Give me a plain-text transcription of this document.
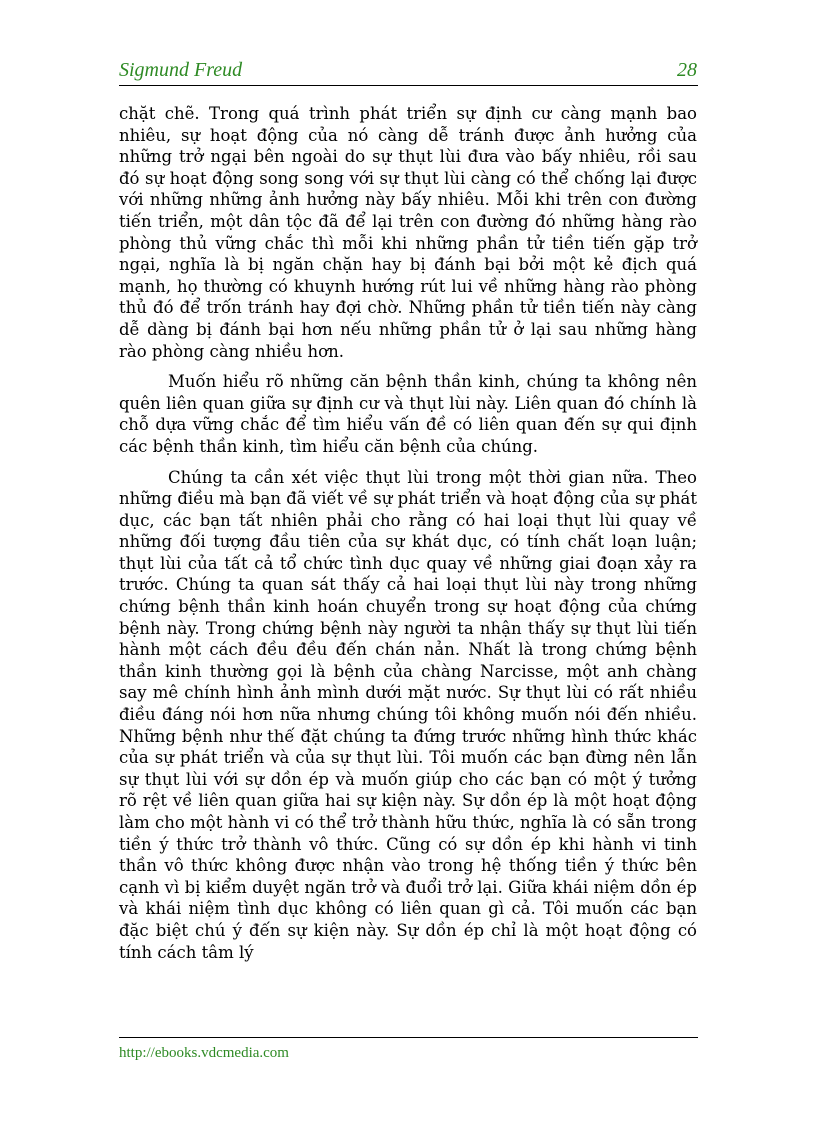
Sigmund Freud	28

chặt chẽ. Trong quá trình phát triển sự định cư càng mạnh bao nhiêu, sự hoạt động của nó càng dễ tránh được ảnh hưởng của những trở ngại bên ngoài do sự thụt lùi đưa vào bấy nhiêu, rồi sau đó sự hoạt động song song với sự thụt lùi càng có thể chống lại được với những những ảnh hưởng này bấy nhiêu. Mỗi khi trên con đường tiến triển, một dân tộc đã để lại trên con đường đó những hàng rào phòng thủ vững chắc thì mỗi khi những phần tử tiền tiến gặp trở ngại, nghĩa là bị ngăn chặn hay bị đánh bại bởi một kẻ địch quá mạnh, họ thường có khuynh hướng rút lui về những hàng rào phòng thủ đó để trốn tránh hay đợi chờ. Những phần tử tiền tiến này càng dễ dàng bị đánh bại hơn nếu những phần tử ở lại sau những hàng rào phòng càng nhiều hơn.

Muốn hiểu rõ những căn bệnh thần kinh, chúng ta không nên quên liên quan giữa sự định cư và thụt lùi này. Liên quan đó chính là chỗ dựa vững chắc để tìm hiểu vấn đề có liên quan đến sự qui định các bệnh thần kinh, tìm hiểu căn bệnh của chúng.

Chúng ta cần xét việc thụt lùi trong một thời gian nữa. Theo những điều mà bạn đã viết về sự phát triển và hoạt động của sự phát dục, các bạn tất nhiên phải cho rằng có hai loại thụt lùi quay về những đối tượng đầu tiên của sự khát dục, có tính chất loạn luận; thụt lùi của tất cả tổ chức tình dục quay về những giai đoạn xảy ra trước. Chúng ta quan sát thấy cả hai loại thụt lùi này trong những chứng bệnh thần kinh hoán chuyển trong sự hoạt động của chứng bệnh này. Trong chứng bệnh này người ta nhận thấy sự thụt lùi tiến hành một cách đều đều đến chán nản. Nhất là trong chứng bệnh thần kinh thường gọi là bệnh của chàng Narcisse, một anh chàng say mê chính hình ảnh mình dưới mặt nước. Sự thụt lùi có rất nhiều điều đáng nói hơn nữa nhưng chúng tôi không muốn nói đến nhiều. Những bệnh như thế đặt chúng ta đứng trước những hình thức khác của sự phát triển và của sự thụt lùi. Tôi muốn các bạn đừng nên lẫn sự thụt lùi với sự dồn ép và muốn giúp cho các bạn có một ý tưởng rõ rệt về liên quan giữa hai sự kiện này. Sự dồn ép là một hoạt động làm cho một hành vi có thể trở thành hữu thức, nghĩa là có sẵn trong tiền ý thức trở thành vô thức. Cũng có sự dồn ép khi hành vi tinh thần vô thức không được nhận vào trong hệ thống tiền ý thức bên cạnh vì bị kiểm duyệt ngăn trở và đuổi trở lại. Giữa khái niệm dồn ép và khái niệm tình dục không có liên quan gì cả. Tôi muốn các bạn đặc biệt chú ý đến sự kiện này. Sự dồn ép chỉ là một hoạt động có tính cách tâm lý

http://ebooks.vdcmedia.com
